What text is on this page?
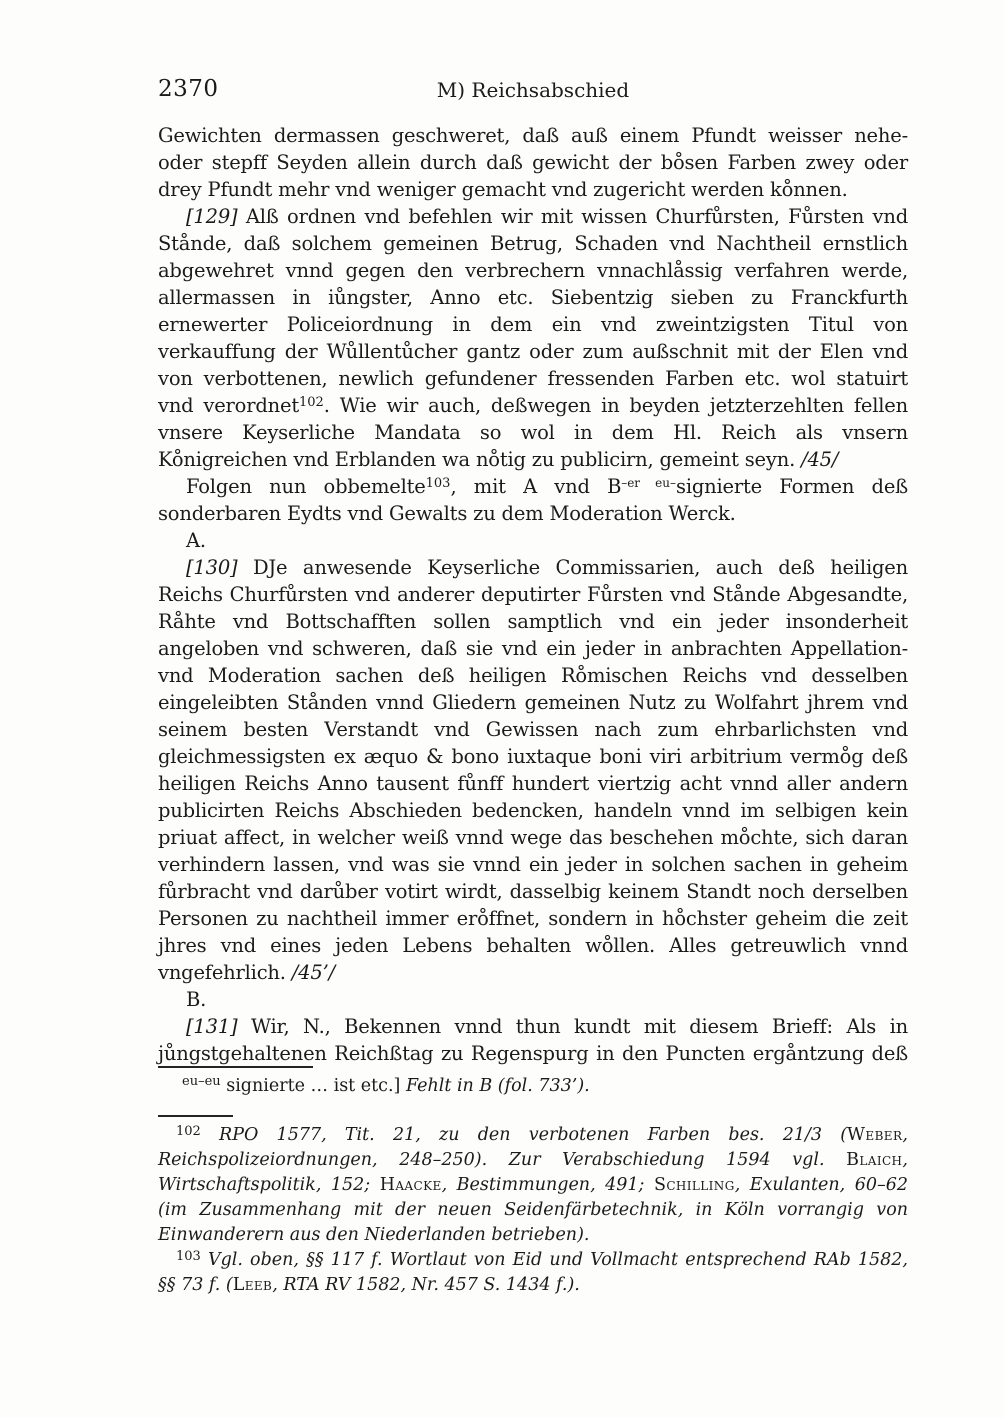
2370	M) Reichsabschied

Gewichten dermassen geschweret, daß auß einem Pfundt weisser nehe- oder stepff Seyden allein durch daß gewicht der bo̊sen Farben zwey oder drey Pfundt mehr vnd weniger gemacht vnd zugericht werden ko̊nnen.

[129] Alß ordnen vnd befehlen wir mit wissen Churfůrsten, Fůrsten vnd Stånde, daß solchem gemeinen Betrug, Schaden vnd Nachtheil ernstlich abgewehret vnnd gegen den verbrechern vnnachlåssig verfahren werde, allermassen in iůngster, Anno etc. Siebentzig sieben zu Franckfurth ernewerter Policeiordnung in dem ein vnd zweintzigsten Titul von verkauffung der Wůllentůcher gantz oder zum außschnit mit der Elen vnd von verbottenen, newlich gefundener fressenden Farben etc. wol statuirt vnd verordnet$^{102}$. Wie wir auch, deßwegen in beyden jetzterzehlten fellen vnsere Keyserliche Mandata so wol in dem Hl. Reich als vnsern Ko̊nigreichen vnd Erblanden wa no̊tig zu publicirn, gemeint seyn. /45/

Folgen nun obbemelte$^{103}$, mit A vnd $B^{-er eu-}signierte$ Formen deß sonderbaren Eydts vnd Gewalts zu dem Moderation Werck.

A.

[130] DJe anwesende Keyserliche Commissarien, auch deß heiligen Reichs Churfůrsten vnd anderer deputirter Fůrsten vnd Stånde Abgesandte, Råhte vnd Bottschafften sollen samptlich vnd ein jeder insonderheit angeloben vnd schweren, daß sie vnd ein jeder in anbrachten Appellation- vnd Moderation sachen deß heiligen Ro̊mischen Reichs vnd desselben eingeleibten Stånden vnnd Gliedern gemeinen Nutz zu Wolfahrt jhrem vnd seinem besten Verstandt vnd Gewissen nach zum ehrbarlichsten vnd gleichmessigsten ex æquo & bono iuxtaque boni viri arbitrium vermo̊g deß heiligen Reichs Anno tausent fůnff hundert viertzig acht vnnd aller andern publicirten Reichs Abschieden bedencken, handeln vnnd im selbigen kein priuat affect, in welcher weiß vnnd wege das beschehen mo̊chte, sich daran verhindern lassen, vnd was sie vnnd ein jeder in solchen sachen in geheim fůrbracht vnd darůber votirt wirdt, dasselbig keinem Standt noch derselben Personen zu nachtheil immer ero̊ffnet, sondern in ho̊chster geheim die zeit jhres vnd eines jeden Lebens behalten wo̊llen. Alles getreuwlich vnnd vngefehrlich. /45’/

B.

[131] Wir, N., Bekennen vnnd thun kundt mit diesem Brieff: Als in jůngstgehaltenen Reichßtag zu Regenspurg in den Puncten ergåntzung deß

$^{eu-eu}$ signierte … ist etc.] Fehlt in B (fol. 733’).

$^{102}$ RPO 1577, Tit. 21, zu den verbotenen Farben bes. 21/3 (Weber, Reichspolizeiordnungen, 248–250). Zur Verabschiedung 1594 vgl. Blaich, Wirtschaftspolitik, 152; Haacke, Bestimmungen, 491; Schilling, Exulanten, 60–62 (im Zusammenhang mit der neuen Seidenfärbetechnik, in Köln vorrangig von Einwanderern aus den Niederlanden betrieben).

$^{103}$ Vgl. oben, §§ 117 f. Wortlaut von Eid und Vollmacht entsprechend RAb 1582, §§ 73 f. (Leeb, RTA RV 1582, Nr. 457 S. 1434 f.).
